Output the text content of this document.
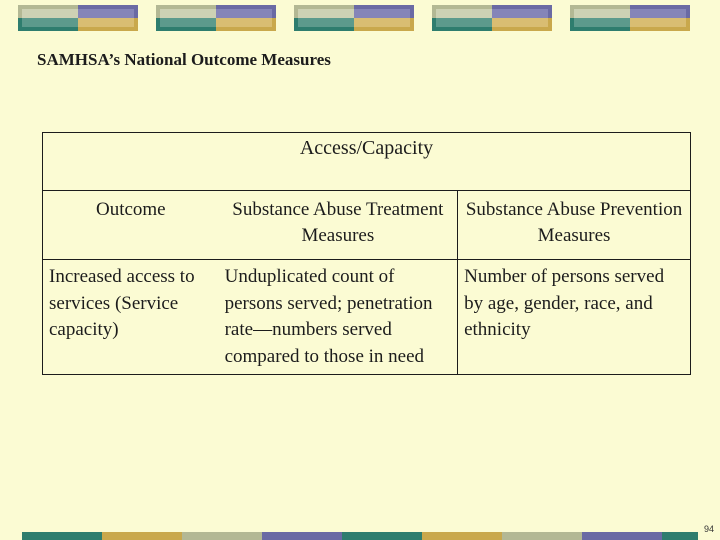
SAMHSA’s National Outcome Measures
Access/Capacity		
Outcome	Substance Abuse Treatment Measures	Substance Abuse Prevention Measures
Increased access to services (Service capacity)	Unduplicated count of persons served; penetration rate—numbers served compared to those in need	Number of persons served by age, gender, race, and ethnicity
94
